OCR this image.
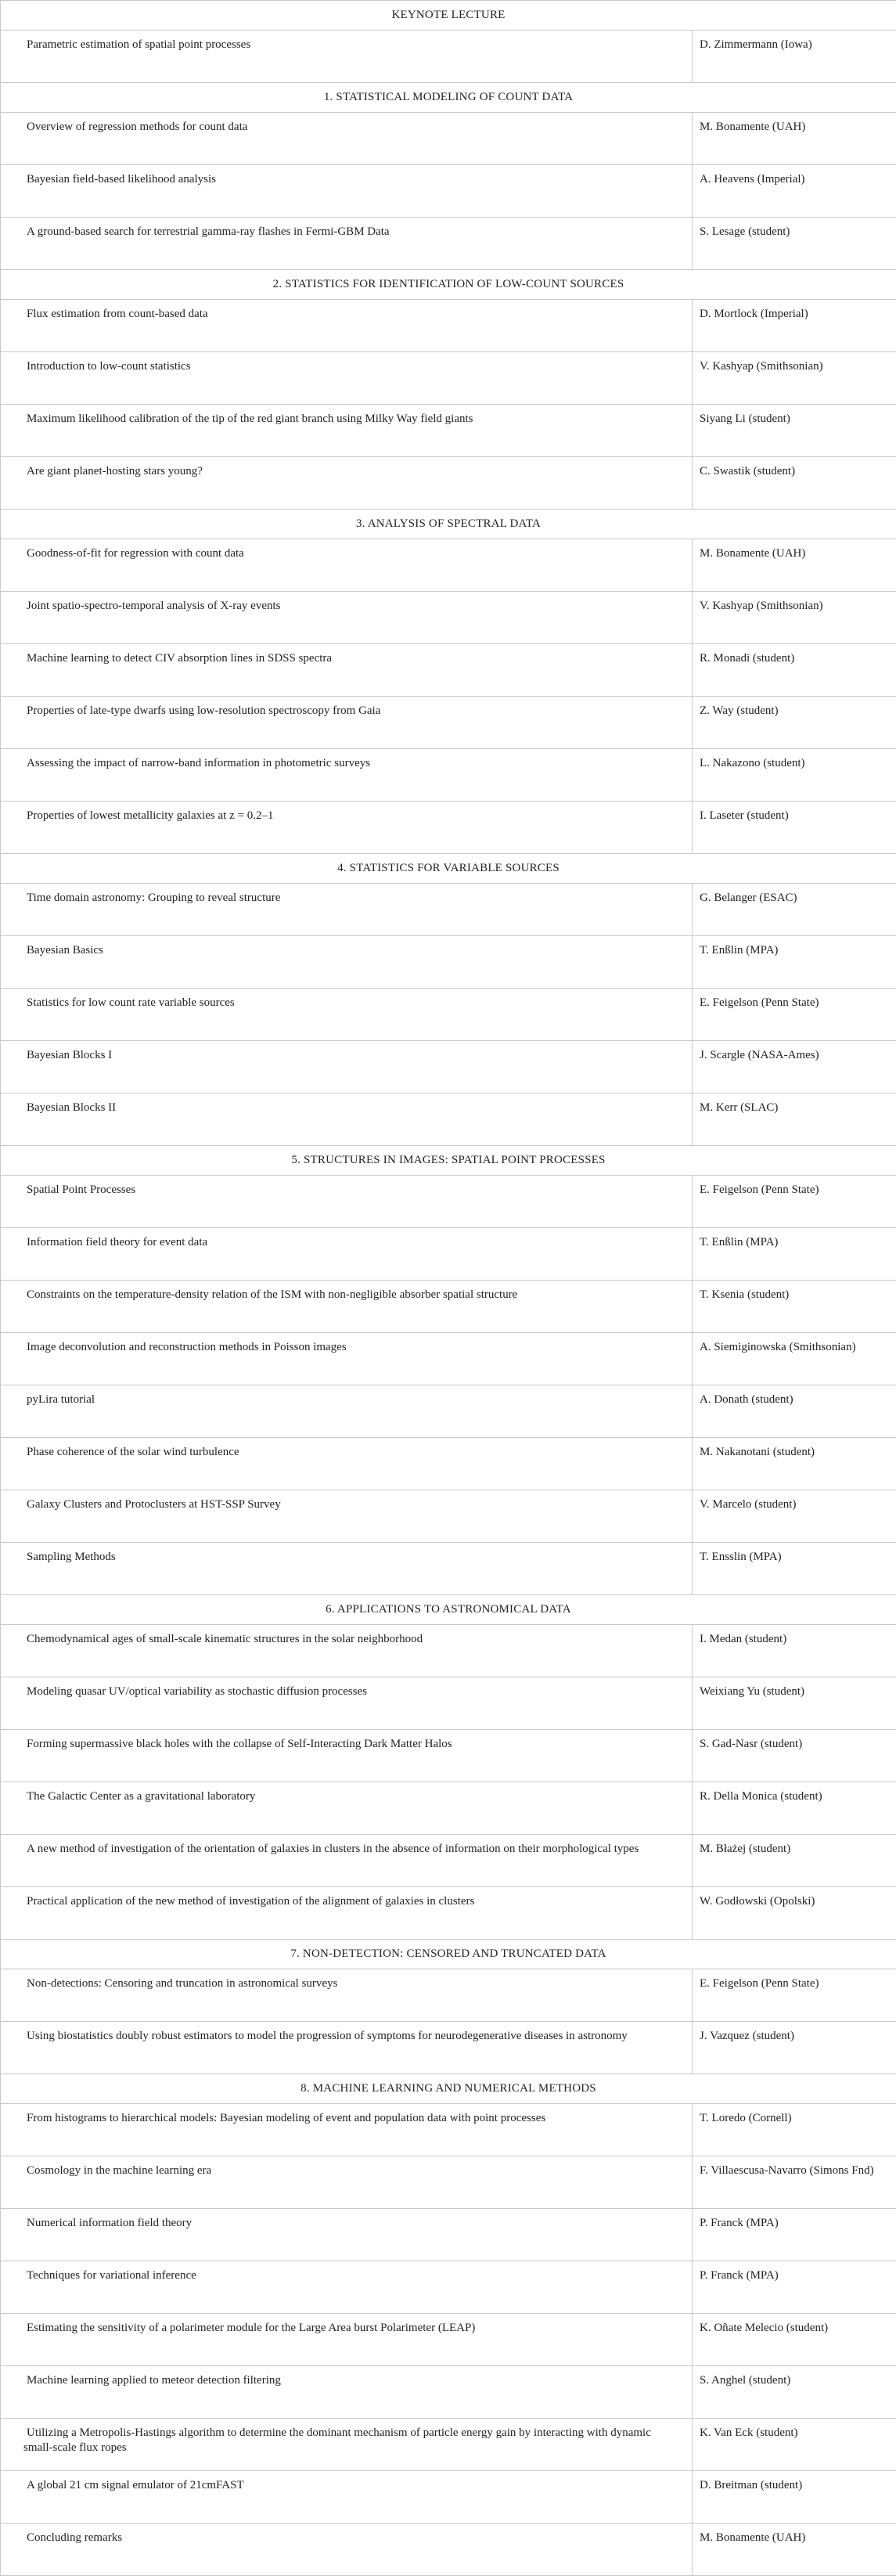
KEYNOTE LECTURE	
Parametric estimation of spatial point processes	D. Zimmermann (Iowa)
1. STATISTICAL MODELING OF COUNT DATA	
Overview of regression methods for count data	M. Bonamente (UAH)
Bayesian field-based likelihood analysis	A. Heavens (Imperial)
A ground-based search for terrestrial gamma-ray flashes in Fermi-GBM Data	S. Lesage (student)
2. STATISTICS FOR IDENTIFICATION OF LOW-COUNT SOURCES	
Flux estimation from count-based data	D. Mortlock (Imperial)
Introduction to low-count statistics	V. Kashyap (Smithsonian)
Maximum likelihood calibration of the tip of the red giant branch using Milky Way field giants	Siyang Li (student)
Are giant planet-hosting stars young?	C. Swastik (student)
3. ANALYSIS OF SPECTRAL DATA	
Goodness-of-fit for regression with count data	M. Bonamente (UAH)
Joint spatio-spectro-temporal analysis of X-ray events	V. Kashyap (Smithsonian)
Machine learning to detect CIV absorption lines in SDSS spectra	R. Monadi (student)
Properties of late-type dwarfs using low-resolution spectroscopy from Gaia	Z. Way (student)
Assessing the impact of narrow-band information in photometric surveys	L. Nakazono (student)
Properties of lowest metallicity galaxies at z = 0.2–1	I. Laseter (student)
4. STATISTICS FOR VARIABLE SOURCES	
Time domain astronomy: Grouping to reveal structure	G. Belanger (ESAC)
Bayesian Basics	T. Enßlin (MPA)
Statistics for low count rate variable sources	E. Feigelson (Penn State)
Bayesian Blocks I	J. Scargle (NASA-Ames)
Bayesian Blocks II	M. Kerr (SLAC)
5. STRUCTURES IN IMAGES: SPATIAL POINT PROCESSES	
Spatial Point Processes	E. Feigelson (Penn State)
Information field theory for event data	T. Enßlin (MPA)
Constraints on the temperature-density relation of the ISM with non-negligible absorber spatial structure	T. Ksenia (student)
Image deconvolution and reconstruction methods in Poisson images	A. Siemiginowska (Smithsonian)
pyLira tutorial	A. Donath (student)
Phase coherence of the solar wind turbulence	M. Nakanotani (student)
Galaxy Clusters and Protoclusters at HST-SSP Survey	V. Marcelo (student)
Sampling Methods	T. Ensslin (MPA)
6. APPLICATIONS TO ASTRONOMICAL DATA	
Chemodynamical ages of small-scale kinematic structures in the solar neighborhood	I. Medan (student)
Modeling quasar UV/optical variability as stochastic diffusion processes	Weixiang Yu (student)
Forming supermassive black holes with the collapse of Self-Interacting Dark Matter Halos	S. Gad-Nasr (student)
The Galactic Center as a gravitational laboratory	R. Della Monica (student)
A new method of investigation of the orientation of galaxies in clusters in the absence of information on their morphological types	M. Błażej (student)
Practical application of the new method of investigation of the alignment of galaxies in clusters	W. Godłowski (Opolski)
7. NON-DETECTION: CENSORED AND TRUNCATED DATA	
Non-detections: Censoring and truncation in astronomical surveys	E. Feigelson (Penn State)
Using biostatistics doubly robust estimators to model the progression of symptoms for neurodegenerative diseases in astronomy	J. Vazquez (student)
8. MACHINE LEARNING AND NUMERICAL METHODS	
From histograms to hierarchical models: Bayesian modeling of event and population data with point processes	T. Loredo (Cornell)
Cosmology in the machine learning era	F. Villaescusa-Navarro (Simons Fnd)
Numerical information field theory	P. Franck (MPA)
Techniques for variational inference	P. Franck (MPA)
Estimating the sensitivity of a polarimeter module for the Large Area burst Polarimeter (LEAP)	K. Oñate Melecio (student)
Machine learning applied to meteor detection filtering	S. Anghel (student)
Utilizing a Metropolis-Hastings algorithm to determine the dominant mechanism of particle energy gain by interacting with dynamic small-scale flux ropes	K. Van Eck (student)
A global 21 cm signal emulator of 21cmFAST	D. Breitman (student)
Concluding remarks	M. Bonamente (UAH)
